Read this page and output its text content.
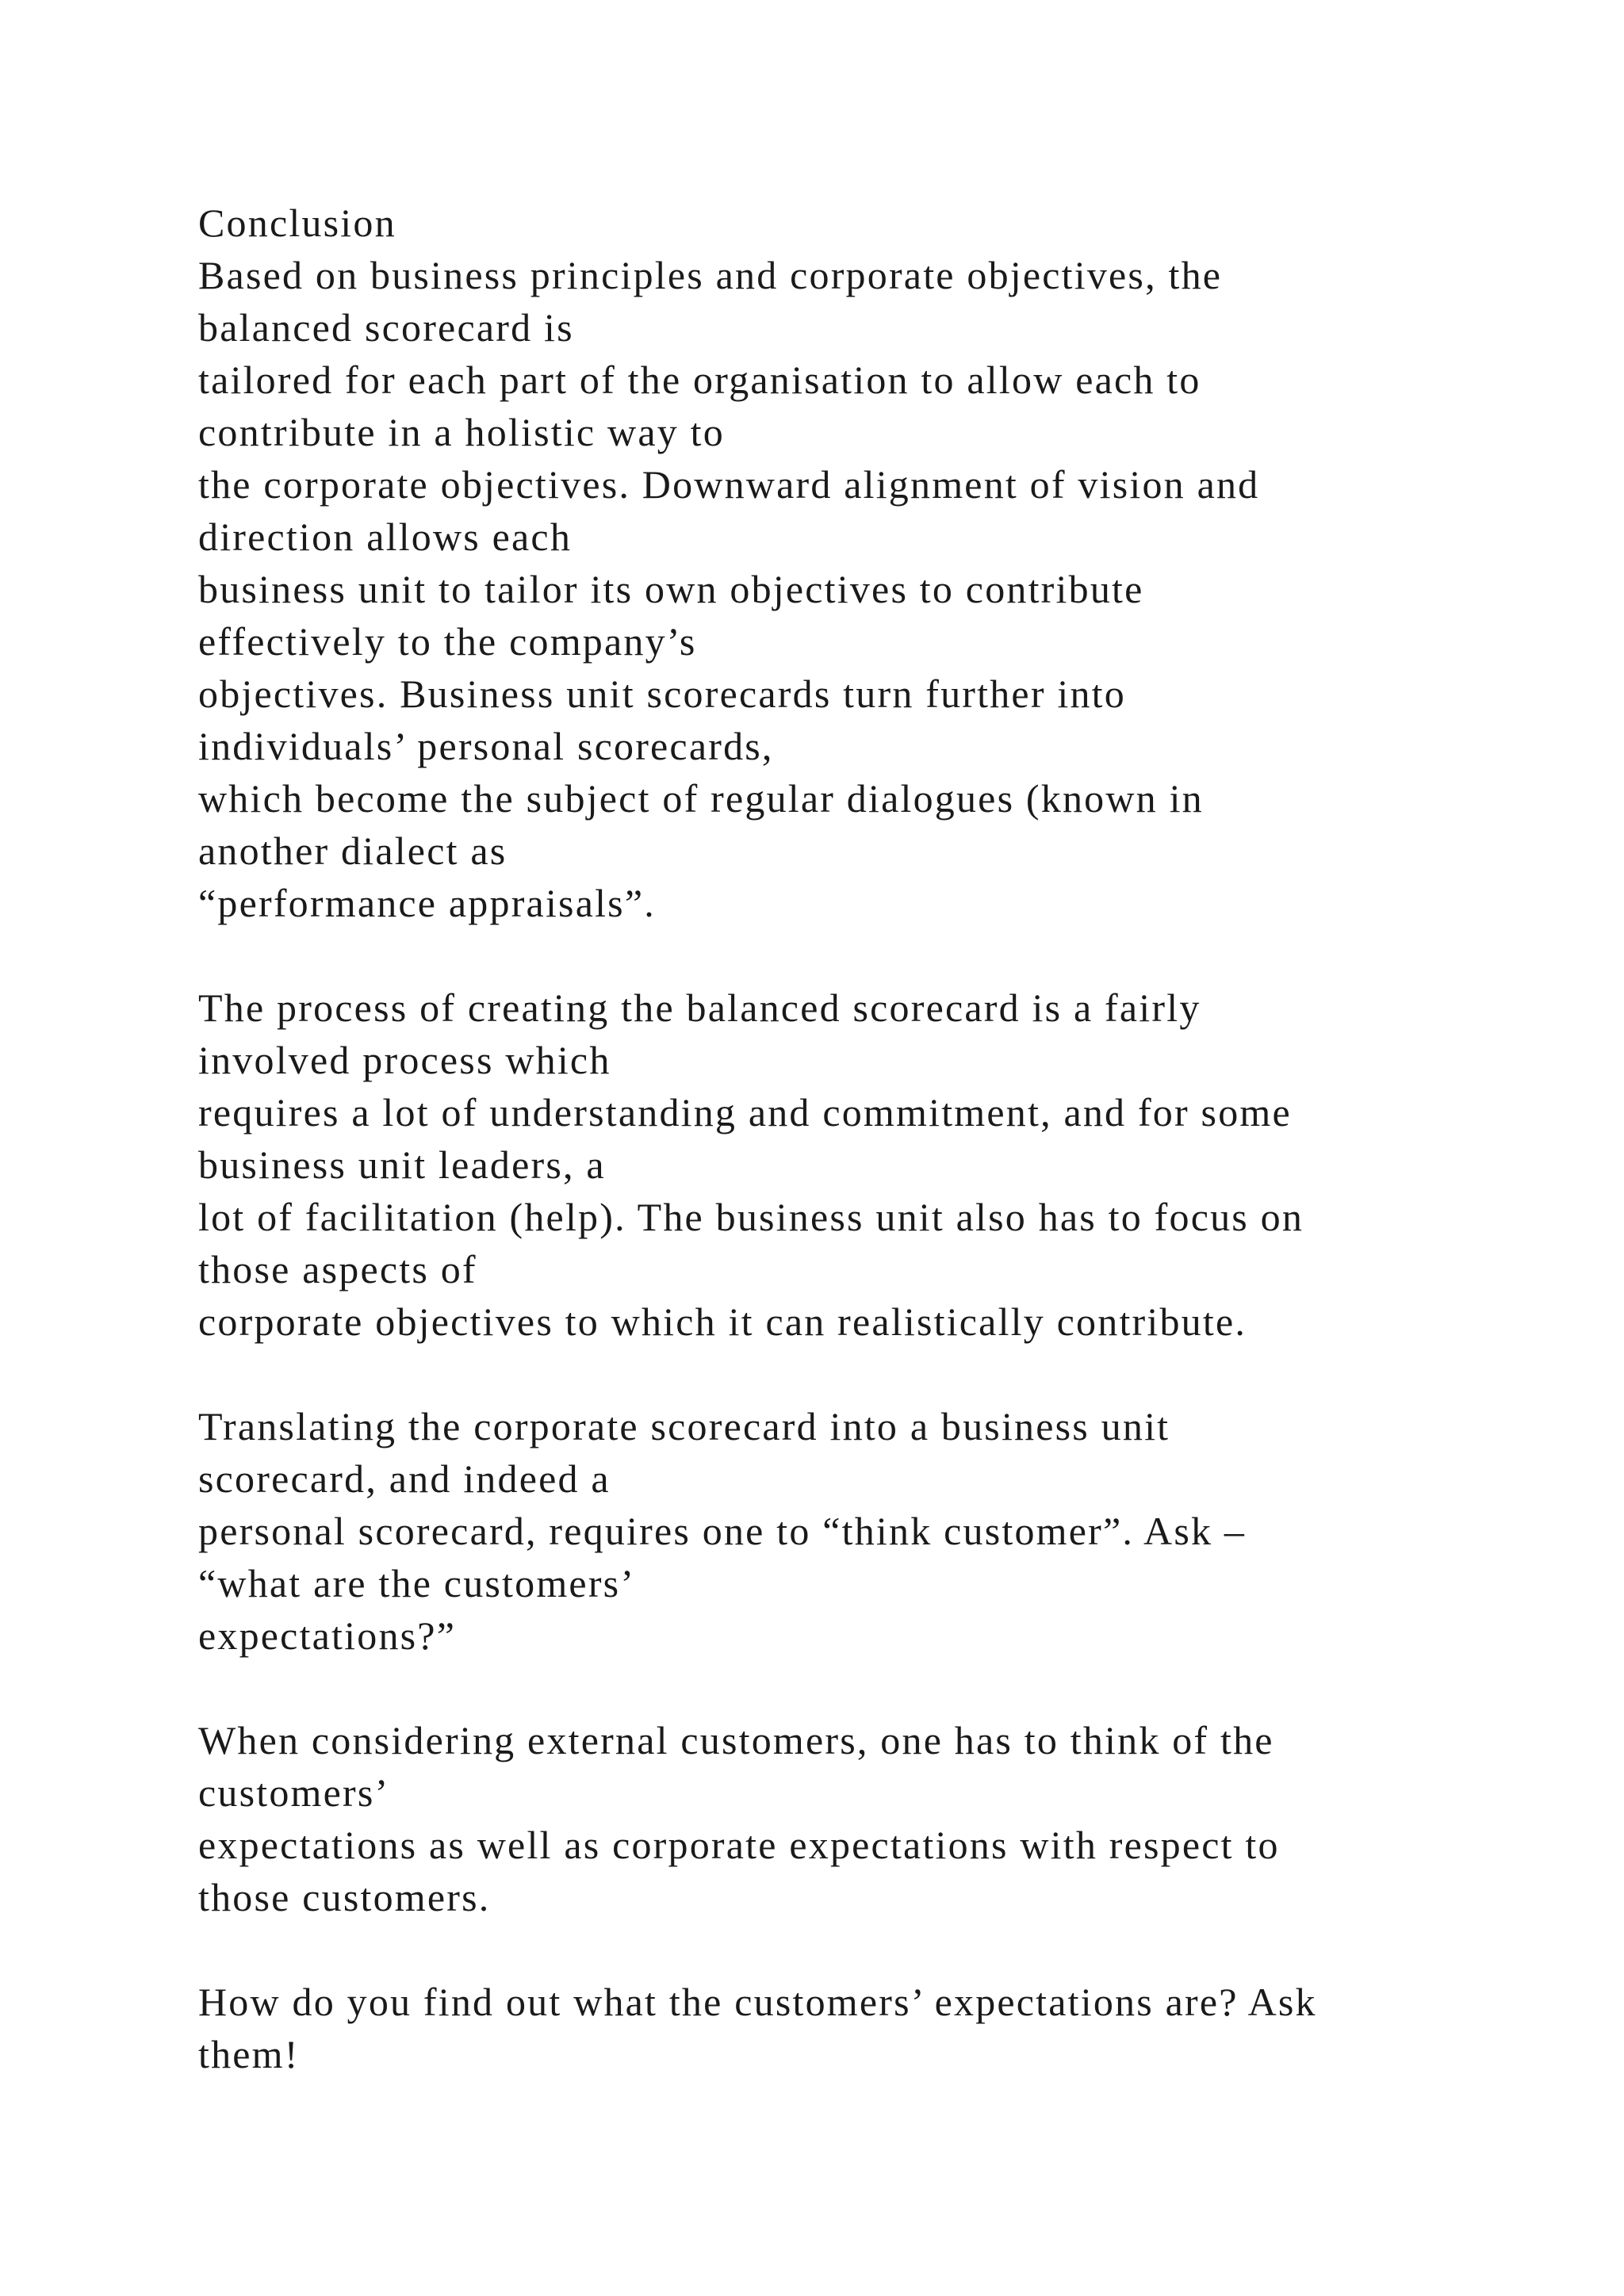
Conclusion
Based on business principles and corporate objectives, the
balanced scorecard is
tailored for each part of the organisation to allow each to
contribute in a holistic way to
the corporate objectives. Downward alignment of vision and
direction allows each
business unit to tailor its own objectives to contribute
effectively to the company’s
objectives. Business unit scorecards turn further into
individuals’ personal scorecards,
which become the subject of regular dialogues (known in
another dialect as
“performance appraisals”.
The process of creating the balanced scorecard is a fairly
involved process which
requires a lot of understanding and commitment, and for some
business unit leaders, a
lot of facilitation (help). The business unit also has to focus on
those aspects of
corporate objectives to which it can realistically contribute.
Translating the corporate scorecard into a business unit
scorecard, and indeed a
personal scorecard, requires one to “think customer”. Ask –
“what are the customers’
expectations?”
When considering external customers, one has to think of the
customers’
expectations as well as corporate expectations with respect to
those customers.
How do you find out what the customers’ expectations are? Ask
them!
